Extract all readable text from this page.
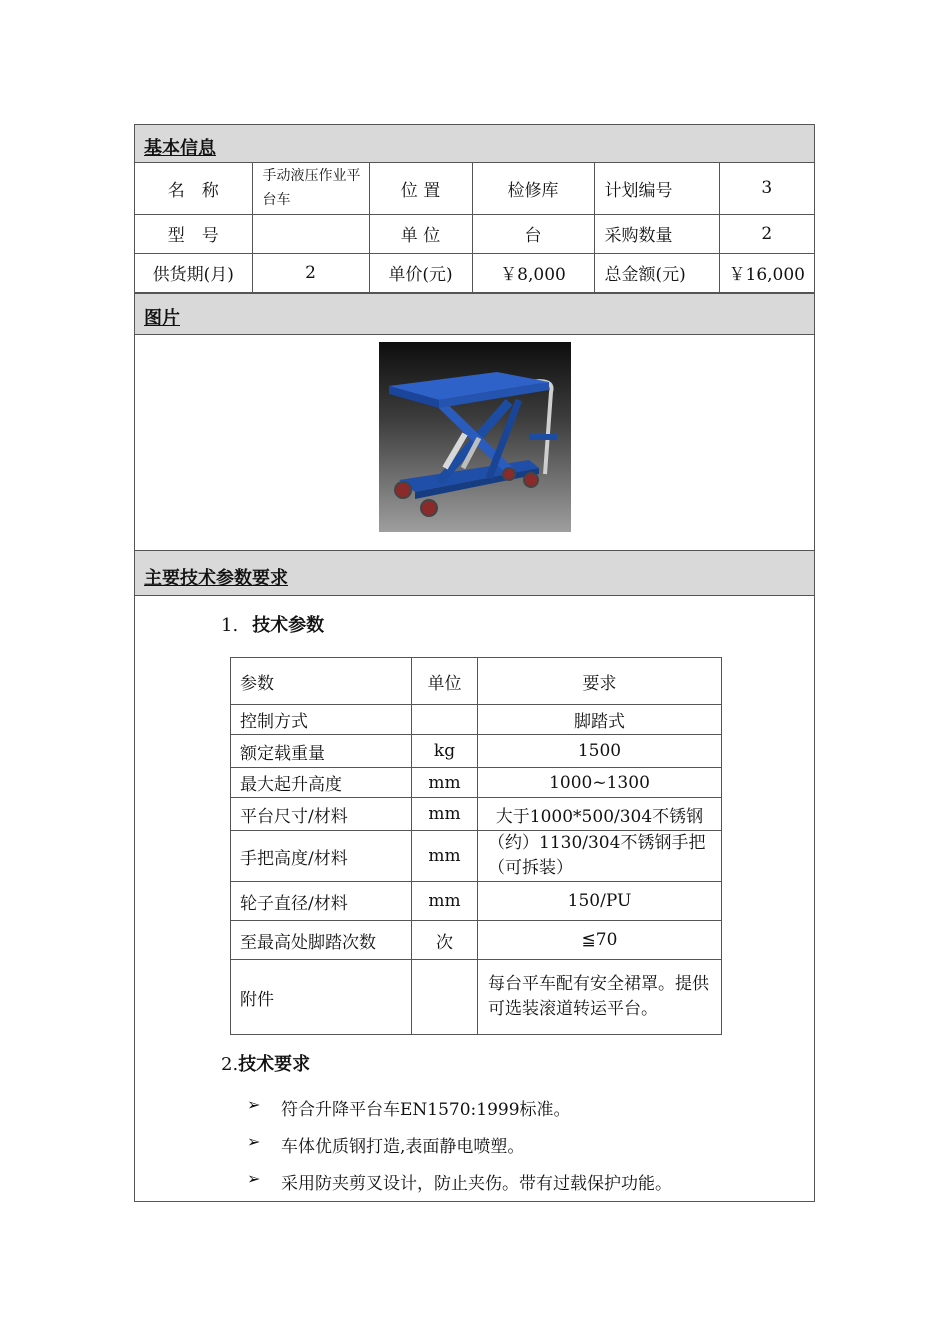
基本信息
名　称	手动液压作业平台车	位 置	检修库	计划编号	3
型　号		单 位	台	采购数量	2
供货期(月)	2	单价(元)	￥8,000	总金额(元)	￥16,000
图片
主要技术参数要求
1. 技术参数
参数	单位	要求
控制方式		脚踏式
额定载重量	kg	1500
最大起升高度	mm	1000~1300
平台尺寸/材料	mm	大于1000*500/304不锈钢
手把高度/材料	mm	（约）1130/304不锈钢手把（可拆装）
轮子直径/材料	mm	150/PU
至最高处脚踏次数	次	≦70
附件		每台平车配有安全裙罩。提供可选装滚道转运平台。
2.技术要求
➢	符合升降平台车EN1570:1999标准。
➢	车体优质钢打造,表面静电喷塑。
➢	采用防夹剪叉设计，防止夹伤。带有过载保护功能。
